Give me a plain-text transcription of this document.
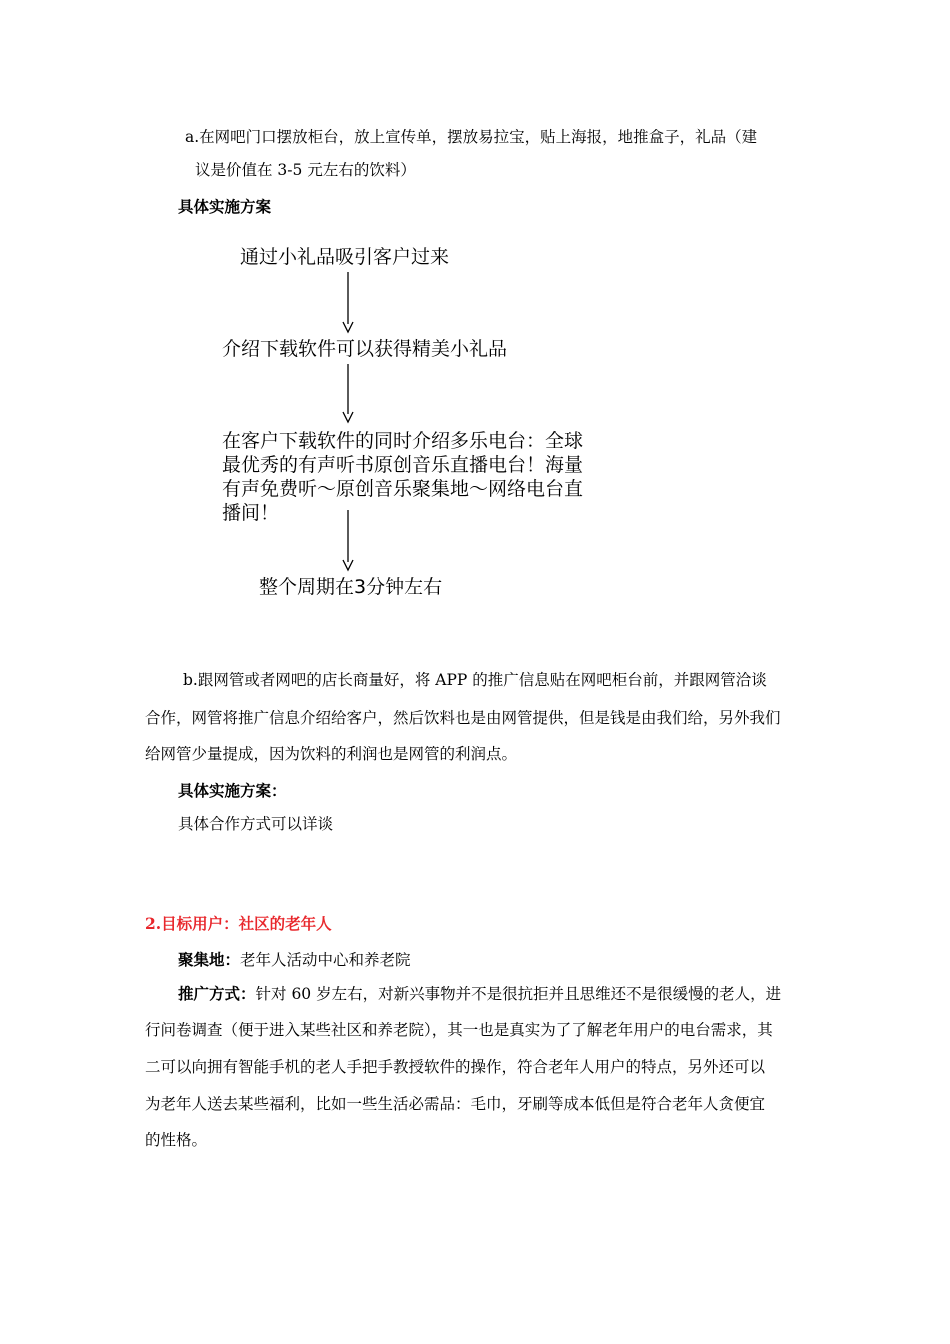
a.在网吧门口摆放柜台，放上宣传单，摆放易拉宝，贴上海报，地推盒子，礼品（建
议是价值在 3-5 元左右的饮料）
具体实施方案
通过小礼品吸引客户过来
介绍下载软件可以获得精美小礼品
在客户下载软件的同时介绍多乐电台：全球
最优秀的有声听书原创音乐直播电台！海量
有声免费听～原创音乐聚集地～网络电台直
播间！
整个周期在3分钟左右
b.跟网管或者网吧的店长商量好，将 APP 的推广信息贴在网吧柜台前，并跟网管洽谈
合作，网管将推广信息介绍给客户，然后饮料也是由网管提供，但是钱是由我们给，另外我们
给网管少量提成，因为饮料的利润也是网管的利润点。
具体实施方案：
具体合作方式可以详谈
2.目标用户：社区的老年人
聚集地：老年人活动中心和养老院
推广方式：针对 60 岁左右，对新兴事物并不是很抗拒并且思维还不是很缓慢的老人，进
行问卷调查（便于进入某些社区和养老院），其一也是真实为了了解老年用户的电台需求，其
二可以向拥有智能手机的老人手把手教授软件的操作，符合老年人用户的特点，另外还可以
为老年人送去某些福利，比如一些生活必需品：毛巾，牙刷等成本低但是符合老年人贪便宜
的性格。
